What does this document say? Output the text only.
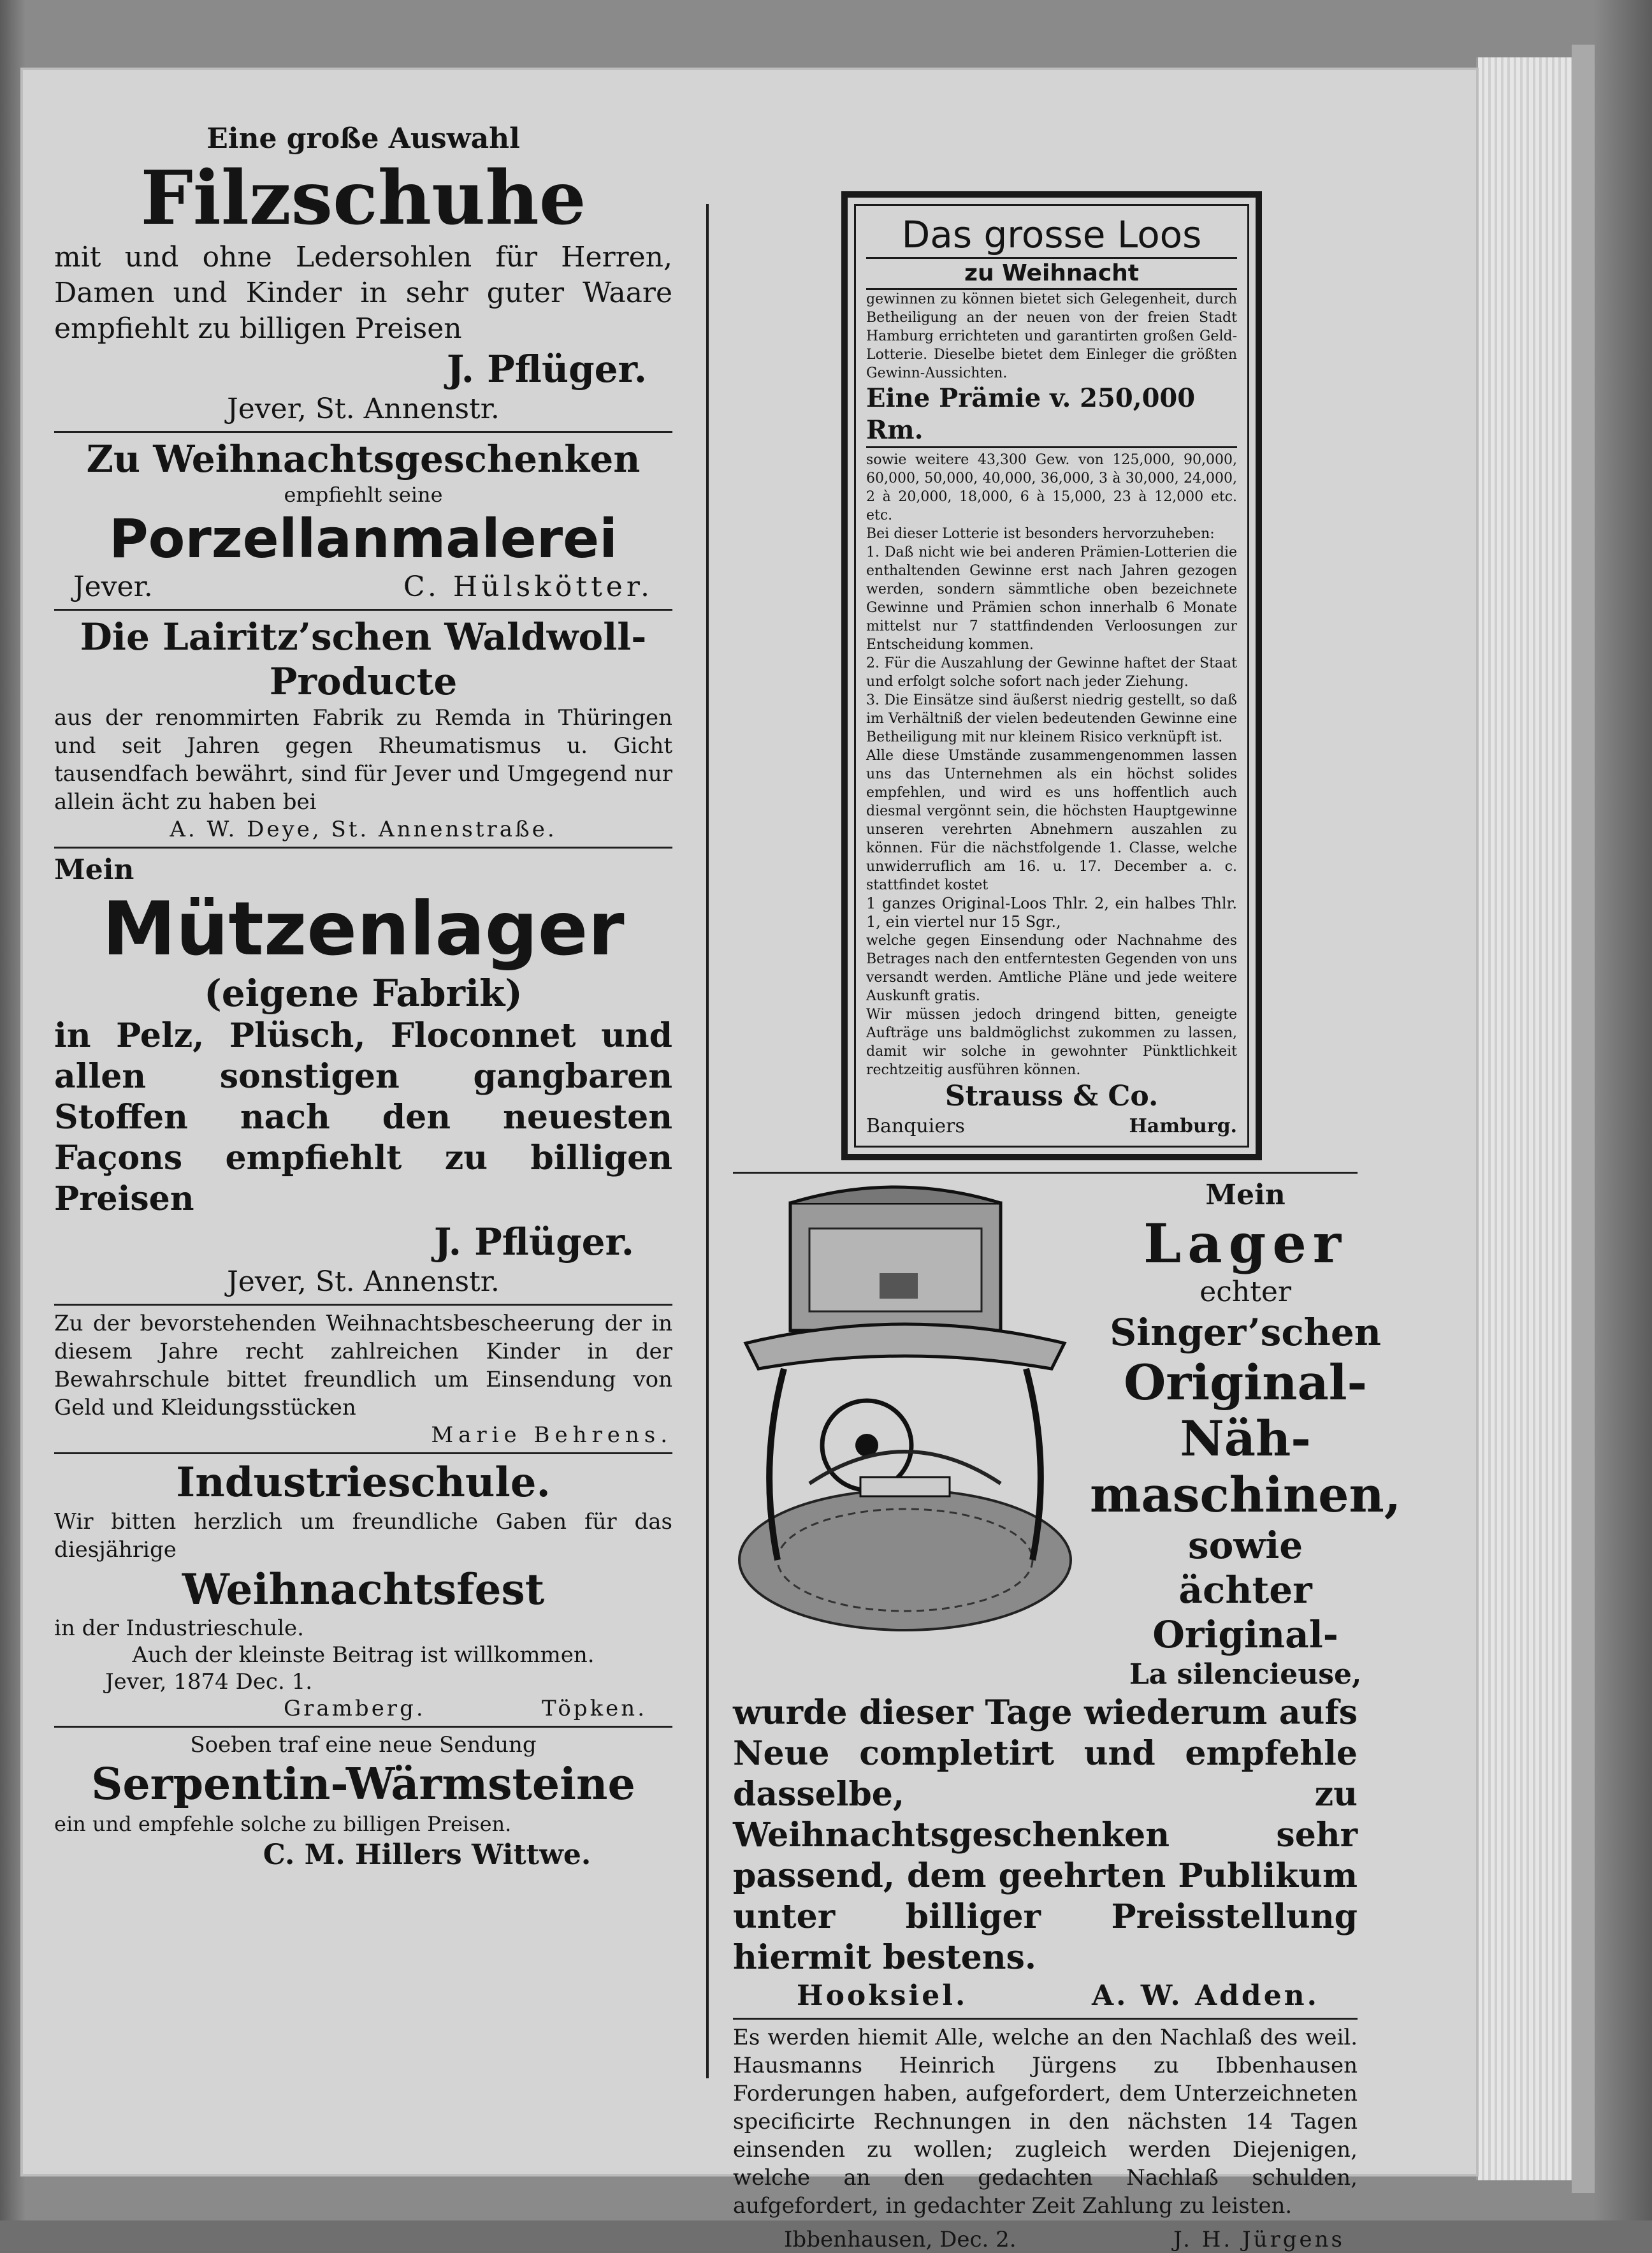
Eine große Auswahl
Filzschuhe
mit und ohne Ledersohlen für Herren, Damen und Kinder in sehr guter Waare empfiehlt zu billigen Preisen
J. Pflüger.
Jever, St. Annenstr.
Zu Weihnachtsgeschenken
empfiehlt seine
Porzellanmalerei
Jever.	C. Hülskötter.
Die Lairitz’schen Waldwoll-Producte
aus der renommirten Fabrik zu Remda in Thüringen und seit Jahren gegen Rheumatismus u. Gicht tausendfach bewährt, sind für Jever und Umgegend nur allein ächt zu haben bei
A. W. Deye, St. Annenstraße.
Mein
Mützenlager
(eigene Fabrik)
in Pelz, Plüsch, Floconnet und allen sonstigen gangbaren Stoffen nach den neuesten Façons empfiehlt zu billigen Preisen
J. Pflüger.
Jever, St. Annenstr.
Zu der bevorstehenden Weihnachtsbescheerung der in diesem Jahre recht zahlreichen Kinder in der Bewahrschule bittet freundlich um Einsendung von Geld und Kleidungsstücken
Marie Behrens.
Industrieschule.
Wir bitten herzlich um freundliche Gaben für das diesjährige
Weihnachtsfest
in der Industrieschule.
Auch der kleinste Beitrag ist willkommen.
Jever, 1874 Dec. 1.
Gramberg.	Töpken.
Soeben traf eine neue Sendung
Serpentin-Wärmsteine
ein und empfehle solche zu billigen Preisen.
C. M. Hillers Wittwe.
Das grosse Loos
zu Weihnacht
gewinnen zu können bietet sich Gelegenheit, durch Betheiligung an der neuen von der freien Stadt Hamburg errichteten und garantirten großen Geld-Lotterie. Dieselbe bietet dem Einleger die größten Gewinn-Aussichten.
Eine Prämie v. 250,000 Rm.
sowie weitere 43,300 Gew. von 125,000, 90,000, 60,000, 50,000, 40,000, 36,000, 3 à 30,000, 24,000, 2 à 20,000, 18,000, 6 à 15,000, 23 à 12,000 etc. etc.
Bei dieser Lotterie ist besonders hervorzuheben:
1. Daß nicht wie bei anderen Prämien-Lotterien die enthaltenden Gewinne erst nach Jahren gezogen werden, sondern sämmtliche oben bezeichnete Gewinne und Prämien schon innerhalb 6 Monate mittelst nur 7 stattfindenden Verloosungen zur Entscheidung kommen.
2. Für die Auszahlung der Gewinne haftet der Staat und erfolgt solche sofort nach jeder Ziehung.
3. Die Einsätze sind äußerst niedrig gestellt, so daß im Verhältniß der vielen bedeutenden Gewinne eine Betheiligung mit nur kleinem Risico verknüpft ist.
Alle diese Umstände zusammengenommen lassen uns das Unternehmen als ein höchst solides empfehlen, und wird es uns hoffentlich auch diesmal vergönnt sein, die höchsten Hauptgewinne unseren verehrten Abnehmern auszahlen zu können. Für die nächstfolgende 1. Classe, welche unwiderruflich am 16. u. 17. December a. c. stattfindet kostet
1 ganzes Original-Loos Thlr. 2, ein halbes Thlr. 1, ein viertel nur 15 Sgr.,
welche gegen Einsendung oder Nachnahme des Betrages nach den entferntesten Gegenden von uns versandt werden. Amtliche Pläne und jede weitere Auskunft gratis.
Wir müssen jedoch dringend bitten, geneigte Aufträge uns baldmöglichst zukommen zu lassen, damit wir solche in gewohnter Pünktlichkeit rechtzeitig ausführen können.
Strauss & Co.
Banquiers	Hamburg.
Mein
Lager
echter
Singer’schen
Original-
Näh-
maschinen,
sowie
ächter Original-
La silencieuse,
wurde dieser Tage wiederum aufs Neue completirt und empfehle dasselbe, zu Weihnachtsgeschenken sehr passend, dem geehrten Publikum unter billiger Preisstellung hiermit bestens.
Hooksiel.	A. W. Adden.
Es werden hiemit Alle, welche an den Nachlaß des weil. Hausmanns Heinrich Jürgens zu Ibbenhausen Forderungen haben, aufgefordert, dem Unterzeichneten specificirte Rechnungen in den nächsten 14 Tagen einsenden zu wollen; zugleich werden Diejenigen, welche an den gedachten Nachlaß schulden, aufgefordert, in gedachter Zeit Zahlung zu leisten.
Ibbenhausen, Dec. 2.	J. H. Jürgens
